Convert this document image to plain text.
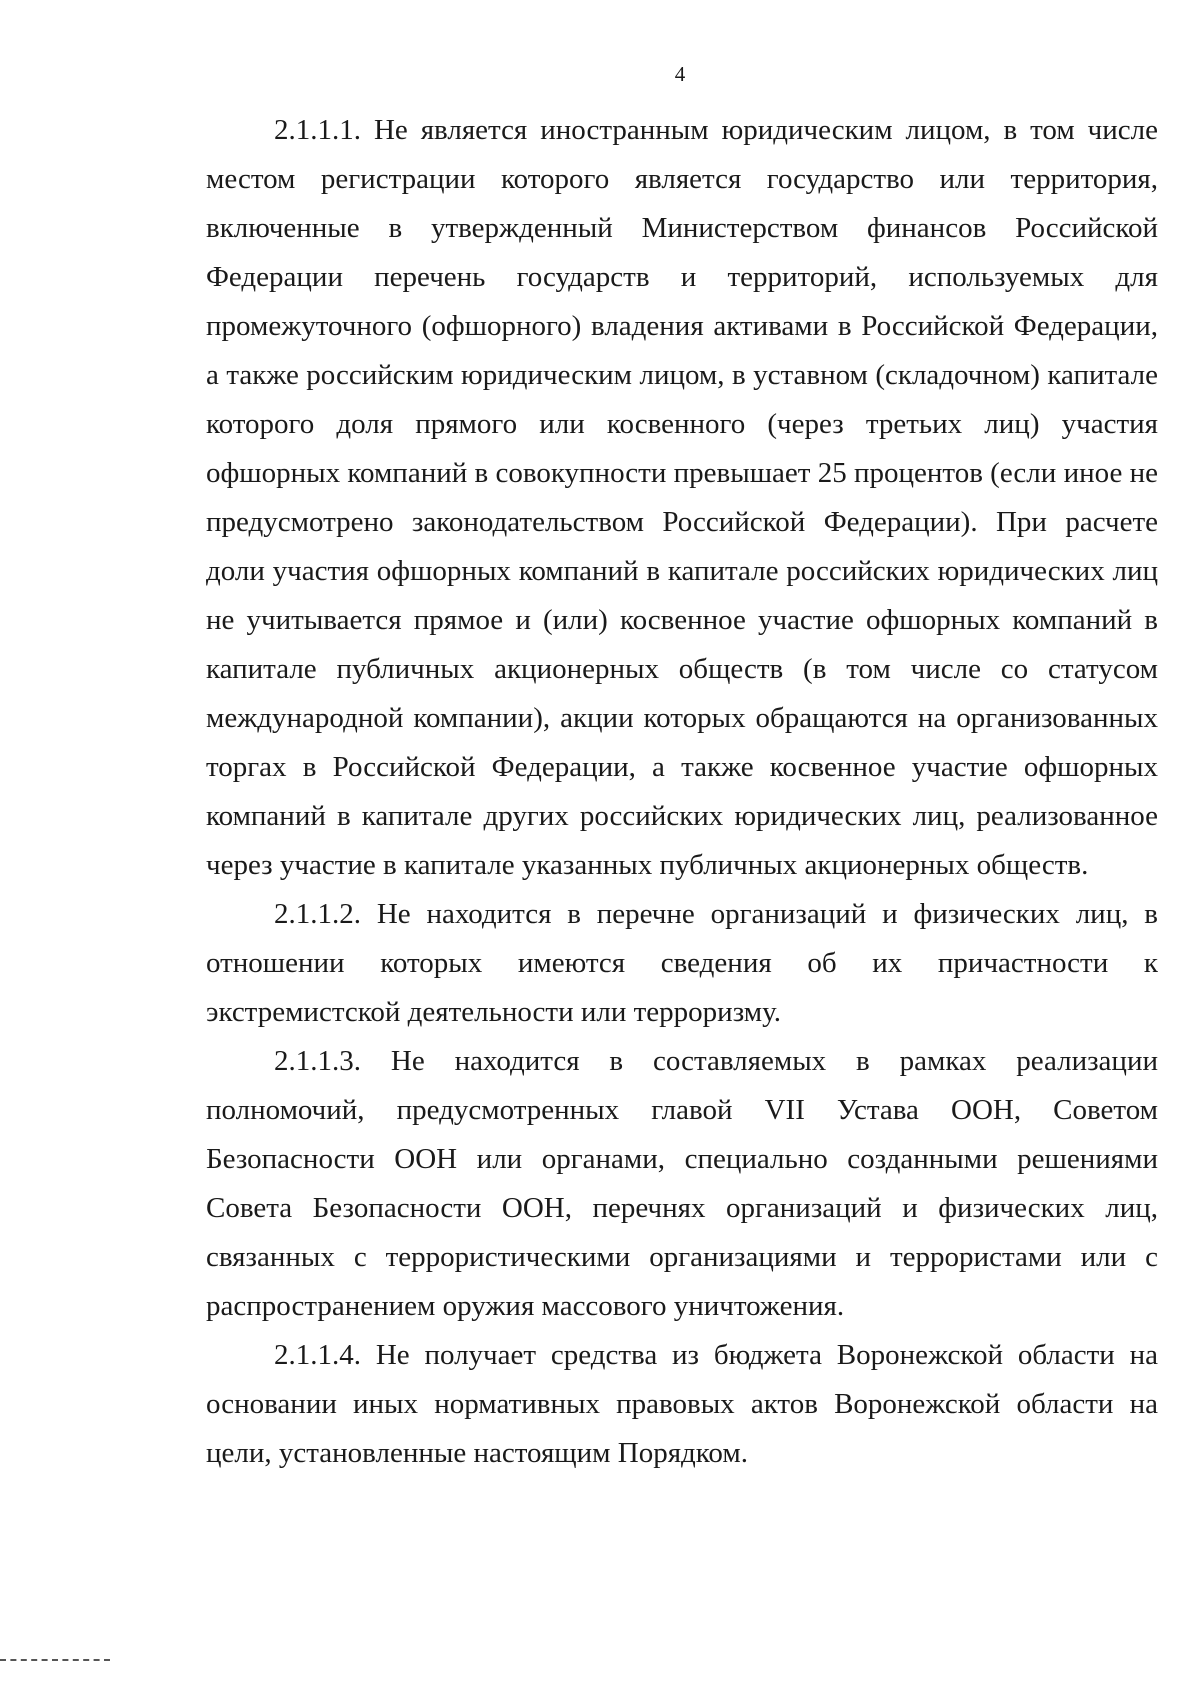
4

2.1.1.1. Не является иностранным юридическим лицом, в том числе местом регистрации которого является государство или территория, включенные в утвержденный Министерством финансов Российской Федерации перечень государств и территорий, используемых для промежуточного (офшорного) владения активами в Российской Федерации, а также российским юридическим лицом, в уставном (складочном) капитале которого доля прямого или косвенного (через третьих лиц) участия офшорных компаний в совокупности превышает 25 процентов (если иное не предусмотрено законодательством Российской Федерации). При расчете доли участия офшорных компаний в капитале российских юридических лиц не учитывается прямое и (или) косвенное участие офшорных компаний в капитале публичных акционерных обществ (в том числе со статусом международной компании), акции которых обращаются на организованных торгах в Российской Федерации, а также косвенное участие офшорных компаний в капитале других российских юридических лиц, реализованное через участие в капитале указанных публичных акционерных обществ.

2.1.1.2. Не находится в перечне организаций и физических лиц, в отношении которых имеются сведения об их причастности к экстремистской деятельности или терроризму.

2.1.1.3. Не находится в составляемых в рамках реализации полномочий, предусмотренных главой VII Устава ООН, Советом Безопасности ООН или органами, специально созданными решениями Совета Безопасности ООН, перечнях организаций и физических лиц, связанных с террористическими организациями и террористами или с распространением оружия массового уничтожения.

2.1.1.4. Не получает средства из бюджета Воронежской области на основании иных нормативных правовых актов Воронежской области на цели, установленные настоящим Порядком.
